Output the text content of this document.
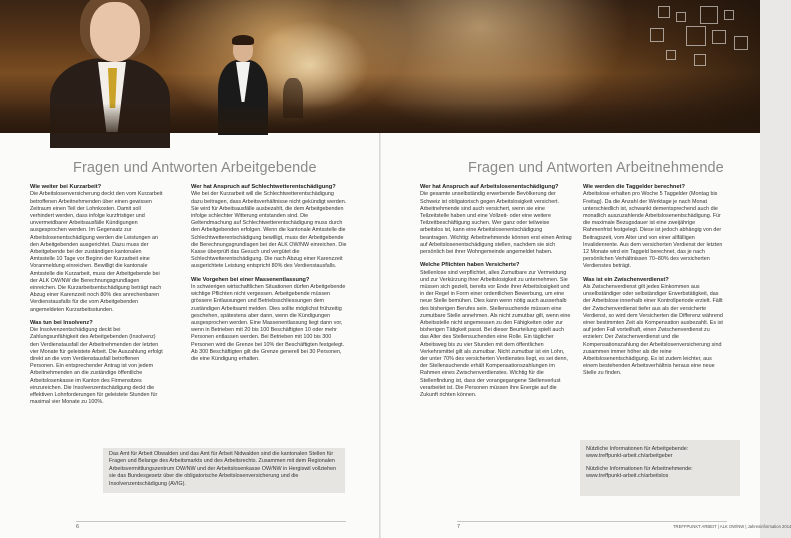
Fragen und Antworten Arbeitgebende
Wie weiter bei Kurzarbeit?

Die Arbeitslosenversicherung deckt den vom Kurzarbeit betroffenen Arbeitnehmenden über einen gewissen Zeitraum einen Teil der Lohnkosten. Damit soll verhindert werden, dass infolge kurzfristiger und unvermeidbarer Arbeitsausfälle Kündigungen ausgesprochen werden. Im Gegensatz zur Arbeitslosenentschädigung werden die Leistungen an den Arbeitgebenden ausgerichtet. Dazu muss der Arbeitgebende bei der zuständigen kantonalen Amtsstelle 10 Tage vor Beginn der Kurzarbeit eine Voranmeldung einreichen. Bewilligt die kantonale Amtsstelle die Kurzarbeit, muss der Arbeitgebende bei der ALK OW/NW die Berechnungsgrundlagen einreichen. Die Kurzarbeitsentschädigung beträgt nach Abzug einer Karenzzeit noch 80% des anrechenbaren Verdienstausfalls für die vom Arbeitgebenden angemeldeten Kurzarbeitsstunden.

Was tun bei Insolvenz?

Die Insolvenzentschädigung deckt bei Zahlungsunfähigkeit des Arbeitgebenden (Insolvenz) den Verdienstausfall der Arbeitnehmenden der letzten vier Monate für geleistete Arbeit. Die Auszahlung erfolgt direkt an die vom Verdienstausfall betroffenen Personen. Ein entsprechender Antrag ist von jedem Arbeitnehmenden an die zuständige öffentliche Arbeitslosenkasse im Kanton des Firmensitzes einzureichen. Die Insolvenzentschädigung deckt die effektiven Lohnforderungen für geleistete Stunden für maximal vier Monate zu 100%.

Wer hat Anspruch auf Schlechtwetterentschädigung?

Wie bei der Kurzarbeit will die Schlechtwetterentschädigung dazu beitragen, dass Arbeitsverhältnisse nicht gekündigt werden. Sie wird für Arbeitsausfälle ausbezahlt, die dem Arbeitgebenden infolge schlechter Witterung entstanden sind. Die Geltendmachung auf Schlechtwetterentschädigung muss durch den Arbeitgebenden erfolgen. Wenn die kantonale Amtsstelle die Schlechtwetterentschädigung bewilligt, muss der Arbeitgebende die Berechnungsgrundlagen bei der ALK OW/NW einreichen. Die Kasse überprüft das Gesuch und vergütet die Schlechtwetterentschädigung. Die nach Abzug einer Karenzzeit ausgerichtete Leistung entspricht 80% des Verdienstausfalls.

Wie Vorgehen bei einer Massenentlassung?

In schwierigen wirtschaftlichen Situationen dürfen Arbeitgebende wichtige Pflichten nicht vergessen. Arbeitgebende müssen grössere Entlassungen und Betriebsschliessungen dem zuständigen Arbeitsamt melden. Dies sollte möglichst frühzeitig geschehen, spätestens aber dann, wenn die Kündigungen ausgesprochen werden. Eine Massenentlassung liegt dann vor, wenn in Betrieben mit 20 bis 100 Beschäftigten 10 oder mehr Personen entlassen werden. Bei Betrieben mit 100 bis 300 Personen wird die Grenze bei 10% der Beschäftigten festgelegt. Ab 300 Beschäftigten gilt die Grenze generell bei 30 Personen, die eine Kündigung erhalten.

Das Amt für Arbeit Obwalden und das Amt für Arbeit Nidwalden sind die kantonalen Stellen für Fragen und Belange des Arbeitsmarkts und des Arbeitsrechts. Zusammen mit dem Regionalen Arbeitsvermittlungszentrum OW/NW und der Arbeitslosenkasse OW/NW in Hergiswil vollziehen sie das Bundesgesetz über die obligatorische Arbeitslosenversicherung und die Insolvenzentschädigung (AVIG).
6
Fragen und Antworten Arbeitnehmende
Wer hat Anspruch auf Arbeitslosenentschädigung?

Die gesamte unselbständig erwerbende Bevölkerung der Schweiz ist obligatorisch gegen Arbeitslosigkeit versichert. Arbeitnehmende sind auch versichert, wenn sie eine Teilzeitstelle haben und eine Vollzeit- oder eine weitere Teilzeitbeschäftigung suchen. Wer ganz oder teilweise arbeitslos ist, kann eine Arbeitslosenentschädigung beantragen. Wichtig: Arbeitnehmende können erst einen Antrag auf Arbeitslosenentschädigung stellen, nachdem sie sich persönlich bei ihrer Wohngemeinde angemeldet haben.

Welche Pflichten haben Versicherte?

Stellenlose sind verpflichtet, alles Zumutbare zur Vermeidung und zur Verkürzung ihrer Arbeitslosigkeit zu unternehmen. Sie müssen sich gezielt, bereits vor Ende ihrer Arbeitslosigkeit und in der Regel in Form einer ordentlichen Bewerbung, um eine neue Stelle bemühen. Dies kann wenn nötig auch ausserhalb des bisherigen Berufes sein. Stellensuchende müssen eine zumutbare Stelle annehmen. Als nicht zumutbar gilt, wenn eine Arbeitsstelle nicht angemessen zu den Fähigkeiten oder zur bisherigen Tätigkeit passt. Bei dieser Beurteilung spielt auch das Alter des Stellensuchenden eine Rolle. Ein täglicher Arbeitsweg bis zu vier Stunden mit dem öffentlichen Verkehrsmittel gilt als zumutbar. Nicht zumutbar ist ein Lohn, der unter 70% des versicherten Verdienstes liegt, es sei denn, der Stellensuchende erhält Kompensationszahlungen im Rahmen eines Zwischenverdienstes. Wichtig für die Stellenfindung ist, dass der vorangegangene Stellenverlust verarbeitet ist. Die Personen müssen ihre Energie auf die Zukunft richten können.

Wie werden die Taggelder berechnet?

Arbeitslose erhalten pro Woche 5 Taggelder (Montag bis Freitag). Da die Anzahl der Werktage je nach Monat unterschiedlich ist, schwankt dementsprechend auch die monatlich auszuzahlende Arbeitslosenentschädigung. Für die maximale Bezugsdauer ist eine zweijährige Rahmenfrist festgelegt. Diese ist jedoch abhängig von der Beitragszeit, vom Alter und von einer allfälligen Invalidenrente. Aus dem versicherten Verdienst der letzten 12 Monate wird ein Taggeld berechnet, das je nach persönlichen Verhältnissen 70–80% des versicherten Verdienstes beträgt.

Was ist ein Zwischenverdienst?

Als Zwischenverdienst gilt jedes Einkommen aus unselbständiger oder selbständiger Erwerbstätigkeit, das der Arbeitslose innerhalb einer Kontrollperiode erzielt. Fällt der Zwischenverdienst tiefer aus als der versicherte Verdienst, so wird dem Versicherten die Differenz während einer bestimmten Zeit als Kompensation ausbezahlt. Es ist auf jeden Fall vorteilhaft, einen Zwischenverdienst zu erzielen: Der Zwischenverdienst und die Kompensationszahlung der Arbeitslosenversicherung sind zusammen immer höher als die reine Arbeitslosenentschädigung. Es ist zudem leichter, aus einem bestehenden Arbeitsverhältnis heraus eine neue Stelle zu finden.

Nützliche Informationen für Arbeitgebende:
www.treffpunkt-arbeit.ch/arbeitgeber

Nützliche Informationen für Arbeitnehmende:
www.treffpunkt-arbeit.ch/arbeitslos

7	TREFFPUNKT ARBEIT | ALK OW/NW | Jahresinformation 2014
